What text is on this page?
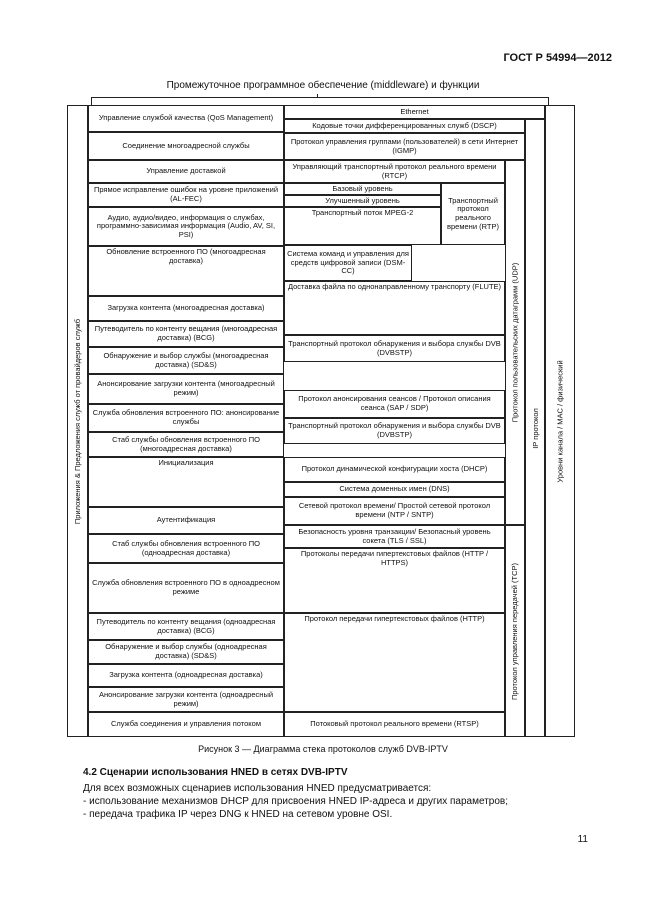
ГОСТ Р 54994—2012
Промежуточное программное обеспечение (middleware) и функции
Приложения & Предложения служб от провайдеров служб
Управление службой качества (QoS Management)
Соединение многоадресной службы
Управление доставкой
Прямое исправление ошибок на уровне приложений (AL-FEC)
Аудио, аудио/видео, информация о службах, программно-зависимая информация (Audio, AV, SI, PSI)
Обновление встроенного ПО (многоадресная доставка)
Загрузка контента (многоадресная доставка)
Путеводитель по контенту вещания (многоадресная доставка) (BCG)
Обнаружение и выбор службы (многоадресная доставка) (SD&S)
Анонсирование загрузки контента (многоадресный режим)
Служба обновления встроенного ПО: анонсирование службы
Стаб службы обновления встроенного ПО (многоадресная доставка)
Инициализация
Аутентификация
Стаб службы обновления встроенного ПО (одноадресная доставка)
Служба обновления встроенного ПО в одноадресном режиме
Путеводитель по контенту вещания (одноадресная доставка) (BCG)
Обнаружение и выбор службы (одноадресная доставка) (SD&S)
Загрузка контента (одноадресная доставка)
Анонсирование загрузки контента (одноадресный режим)
Служба соединения и управления потоком
Ethernet
Кодовые точки дифференцированных служб (DSCP)
Протокол управления группами (пользователей) в сети Интернет (IGMP)
Управляющий транспортный протокол реального времени (RTCP)
Базовый уровень
Улучшенный уровень	Транспортный протокол реального времени (RTP)
Транспортный поток MPEG-2
Система команд и управления для средств цифровой записи (DSM-CC)
Доставка файла по однонаправленному транспорту (FLUTE)
Транспортный протокол обнаружения и выбора службы DVB (DVBSTP)
Протокол анонсирования сеансов / Протокол описания сеанса (SAP / SDP)
Транспортный протокол обнаружения и выбора службы DVB (DVBSTP)
Протокол динамической конфигурации хоста (DHCP)
Система доменных имен (DNS)
Сетевой протокол времени/ Простой сетевой протокол времени (NTP / SNTP)
Безопасность уровня транзакции/ Безопасный уровень сокета (TLS / SSL)
Протоколы передачи гипертекстовых файлов (HTTP / HTTPS)
Протокол передачи гипертекстовых файлов (HTTP)
Потоковый протокол реального времени (RTSP)
Протокол пользовательских датаграмм (UDP)
Протокол управления передачей (TCP)
IP протокол Уровни канала / MAC / физический
Рисунок 3 — Диаграмма стека протоколов служб DVB-IPTV
4.2 Сценарии использования HNED в сетях DVB-IPTV
Для всех возможных сценариев использования HNED предусматривается:
- использование механизмов DHCP для присвоения HNED IP-адреса и других параметров;
- передача трафика IP через DNG к HNED на сетевом уровне OSI.
11
